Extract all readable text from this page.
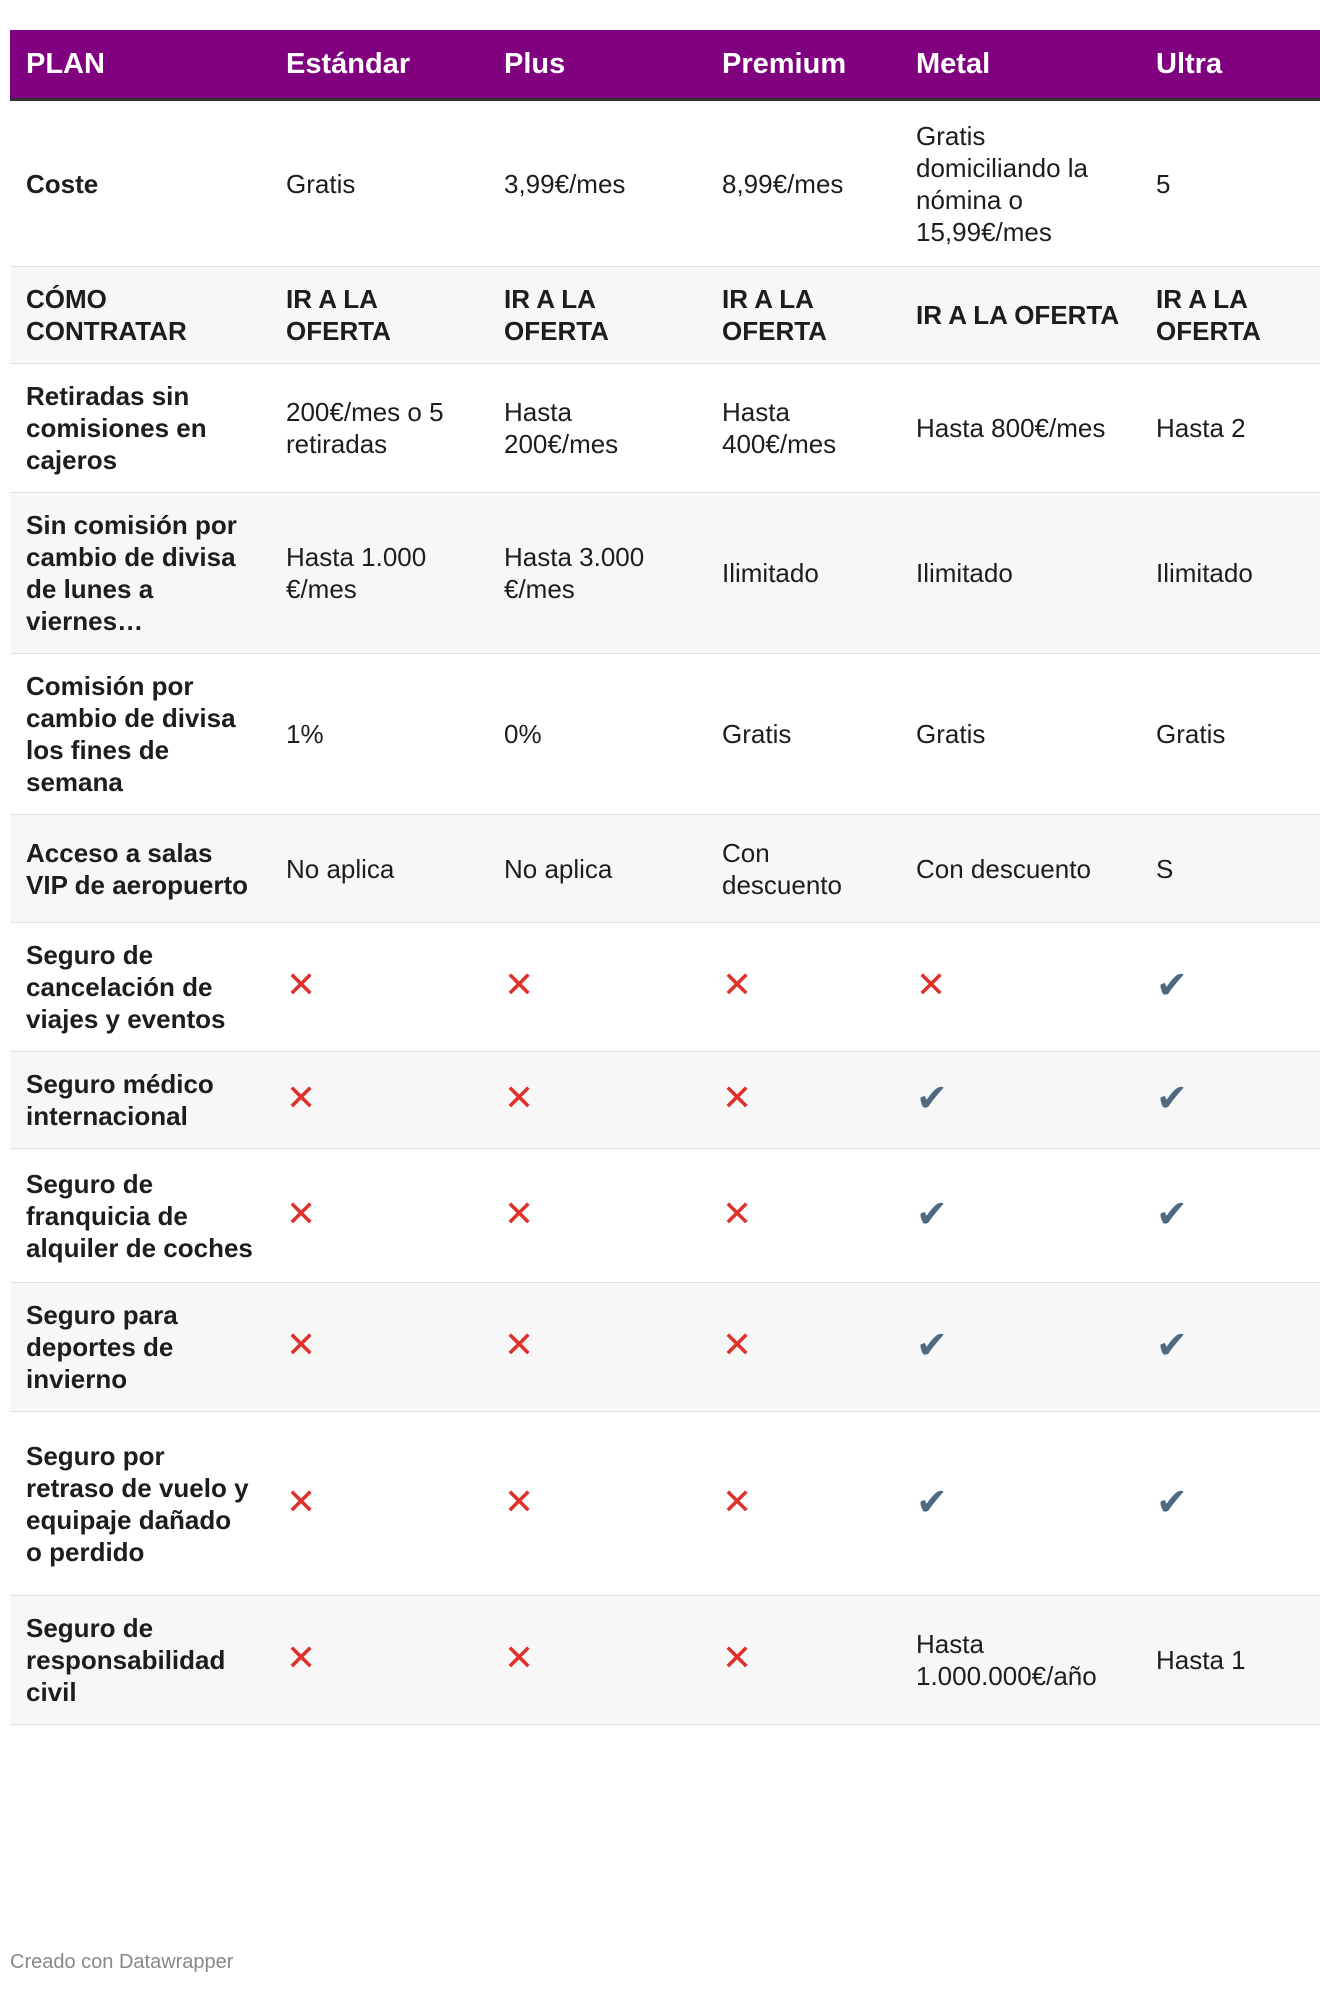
PLAN	Estándar	Plus	Premium	Metal	Ultra
Coste	Gratis	3,99€/mes	8,99€/mes	Gratis domiciliando la nómina o 15,99€/mes	5
CÓMO CONTRATAR	IR A LA OFERTA	IR A LA OFERTA	IR A LA OFERTA	IR A LA OFERTA	IR A LA OFERTA
Retiradas sin comisiones en cajeros	200€/mes o 5 retiradas	Hasta 200€/mes	Hasta 400€/mes	Hasta 800€/mes	Hasta 2
Sin comisión por cambio de divisa de lunes a viernes…	Hasta 1.000 €/mes	Hasta 3.000 €/mes	Ilimitado	Ilimitado	Ilimitado
Comisión por cambio de divisa los fines de semana	1%	0%	Gratis	Gratis	Gratis
Acceso a salas VIP de aeropuerto	No aplica	No aplica	Con descuento	Con descuento	S
Seguro de cancelación de viajes y eventos	✕	✕	✕	✕	✔
Seguro médico internacional	✕	✕	✕	✔	✔
Seguro de franquicia de alquiler de coches	✕	✕	✕	✔	✔
Seguro para deportes de invierno	✕	✕	✕	✔	✔
Seguro por retraso de vuelo y equipaje dañado o perdido	✕	✕	✕	✔	✔
Seguro de responsabilidad civil	✕	✕	✕	Hasta 1.000.000€/año	Hasta 1
Creado con Datawrapper
